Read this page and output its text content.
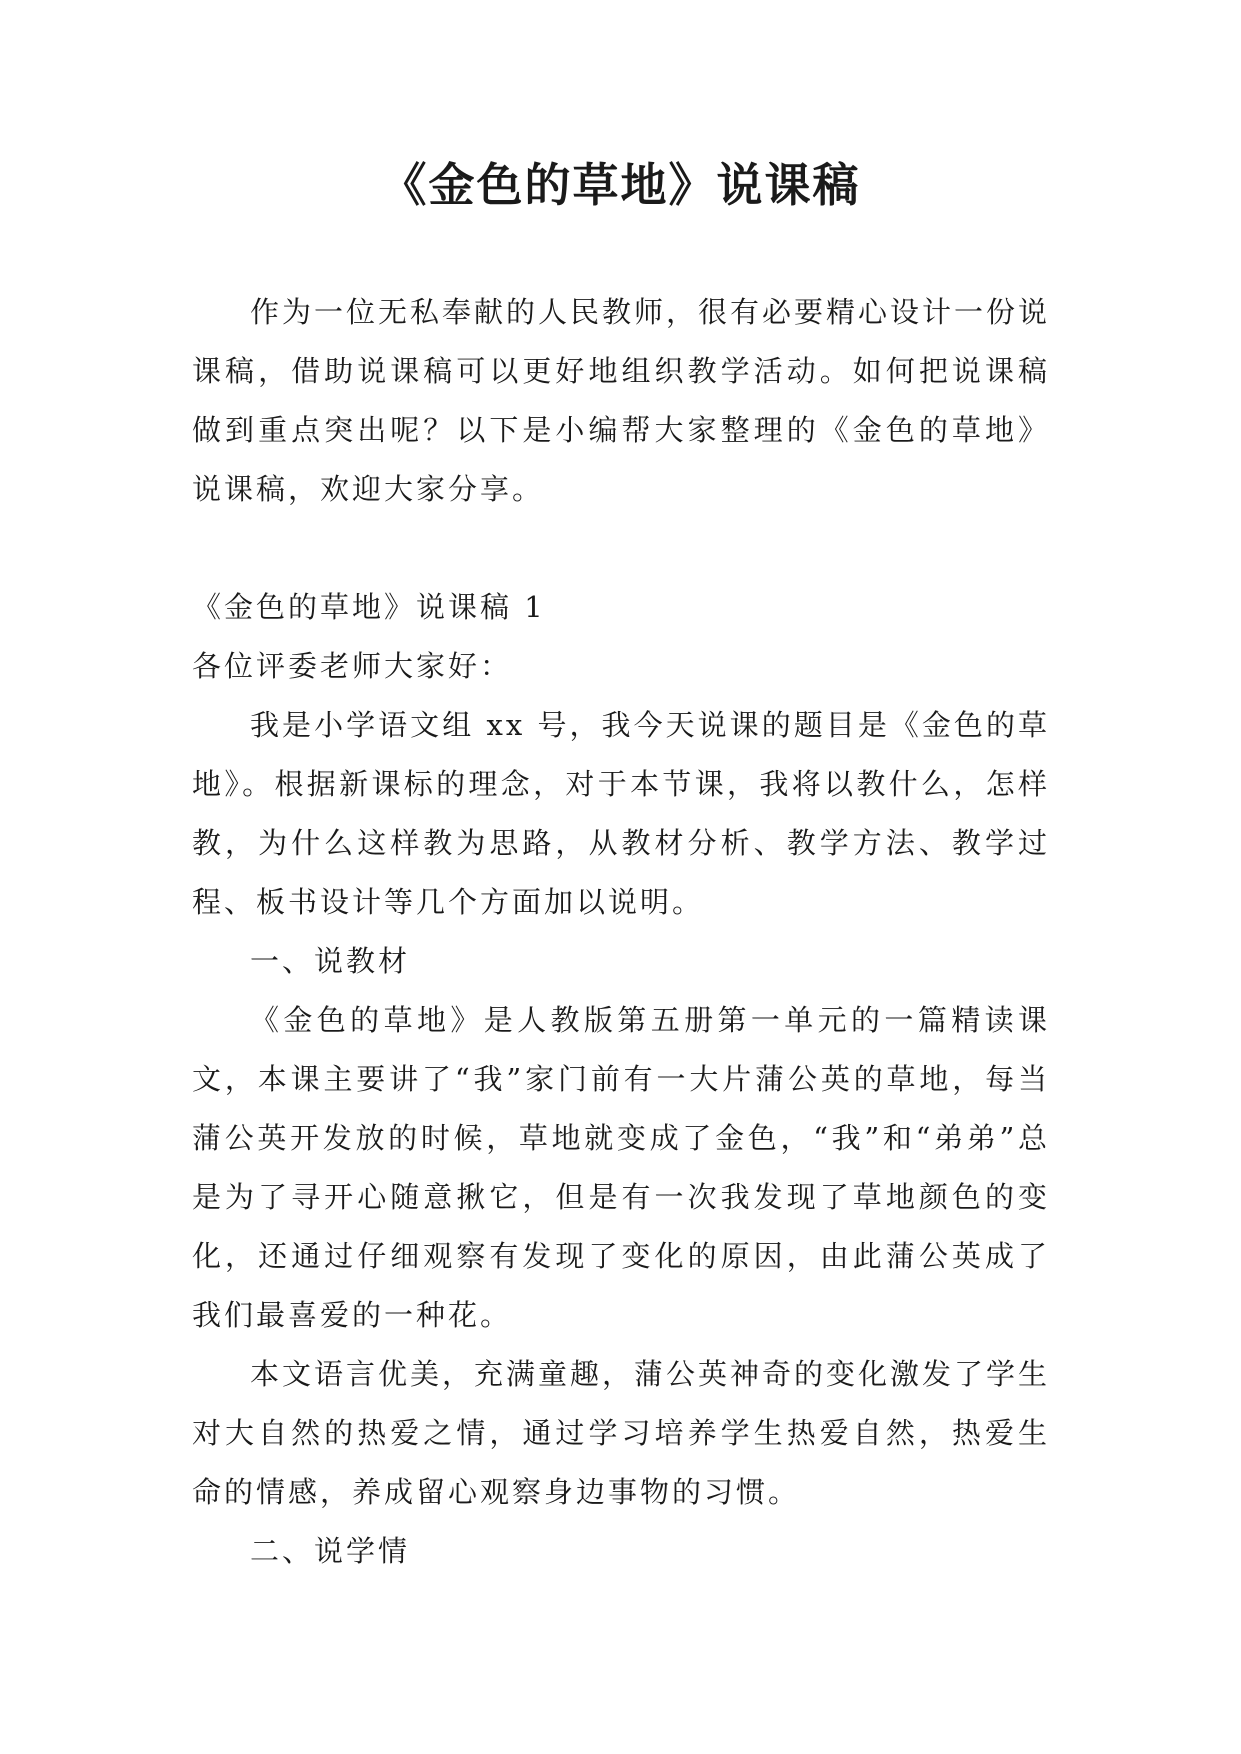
《金色的草地》说课稿

作为一位无私奉献的人民教师，很有必要精心设计一份说课稿，借助说课稿可以更好地组织教学活动。如何把说课稿做到重点突出呢？以下是小编帮大家整理的《金色的草地》说课稿，欢迎大家分享。

《金色的草地》说课稿 1

各位评委老师大家好：

我是小学语文组 xx 号，我今天说课的题目是《金色的草地》。根据新课标的理念，对于本节课，我将以教什么，怎样教，为什么这样教为思路，从教材分析、教学方法、教学过程、板书设计等几个方面加以说明。

一、说教材

《金色的草地》是人教版第五册第一单元的一篇精读课文，本课主要讲了“我”家门前有一大片蒲公英的草地，每当蒲公英开发放的时候，草地就变成了金色，“我”和“弟弟”总是为了寻开心随意揪它，但是有一次我发现了草地颜色的变化，还通过仔细观察有发现了变化的原因，由此蒲公英成了我们最喜爱的一种花。

本文语言优美，充满童趣，蒲公英神奇的变化激发了学生对大自然的热爱之情，通过学习培养学生热爱自然，热爱生命的情感，养成留心观察身边事物的习惯。

二、说学情
